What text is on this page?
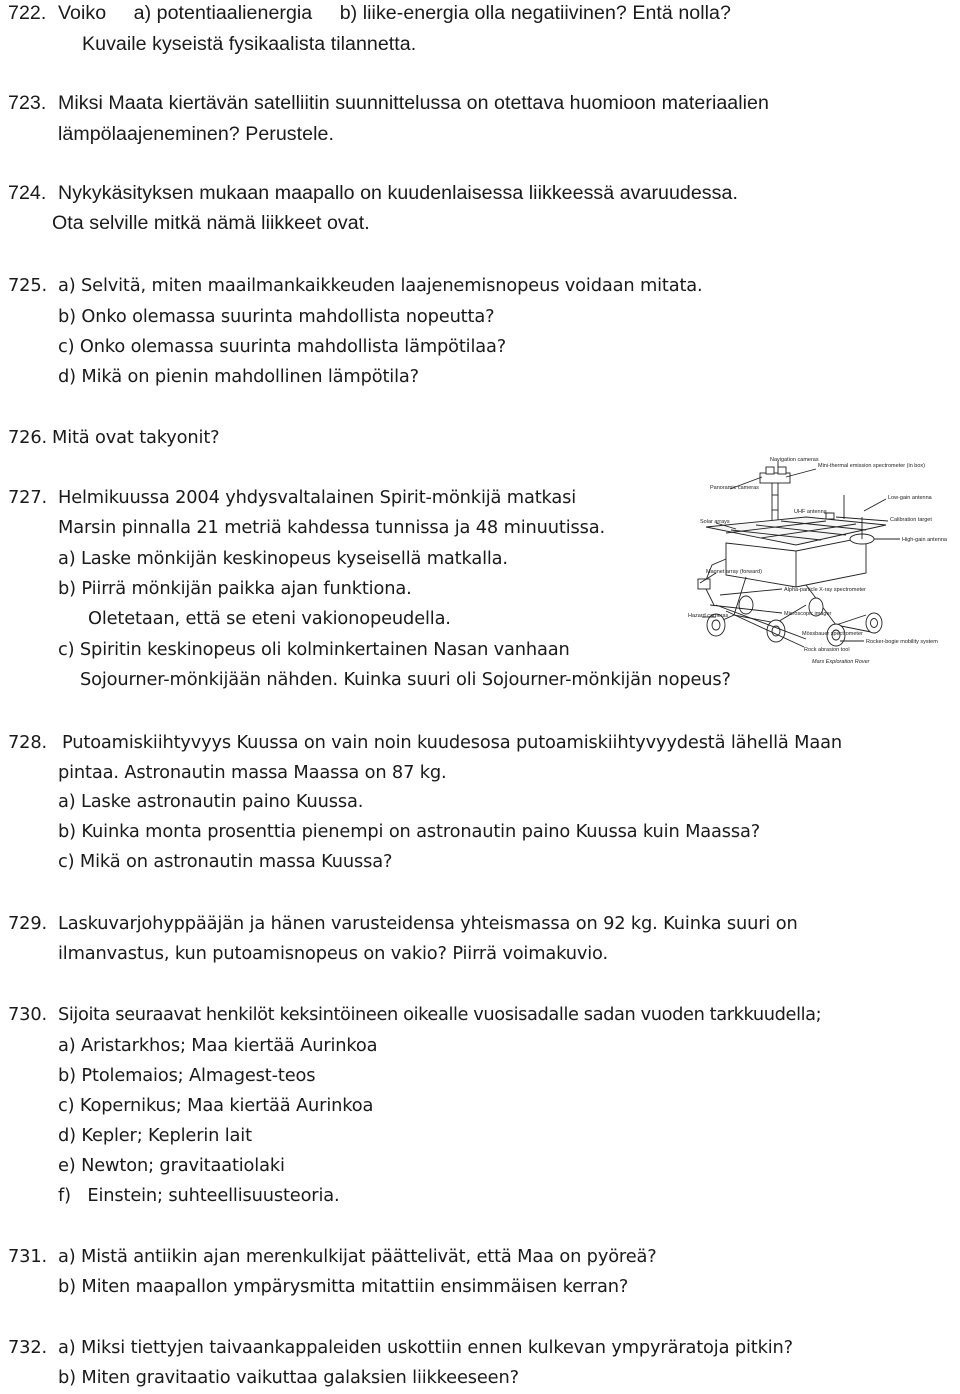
722. Voiko     a) potentiaalienergia     b) liike-energia olla negatiivinen? Entä nolla?
Kuvaile kyseistä fysikaalista tilannetta.
723. Miksi Maata kiertävän satelliitin suunnittelussa on otettava huomioon materiaalien
lämpölaajeneminen? Perustele.
724. Nykykäsityksen mukaan maapallo on kuudenlaisessa liikkeessä avaruudessa.
Ota selville mitkä nämä liikkeet ovat.
725. a) Selvitä, miten maailmankaikkeuden laajenemisnopeus voidaan mitata.
b) Onko olemassa suurinta mahdollista nopeutta?
c) Onko olemassa suurinta mahdollista lämpötilaa?
d) Mikä on pienin mahdollinen lämpötila?
726. Mitä ovat takyonit?
727. Helmikuussa 2004 yhdysvaltalainen Spirit-mönkijä matkasi
Marsin pinnalla 21 metriä kahdessa tunnissa ja 48 minuutissa.
a) Laske mönkijän keskinopeus kyseisellä matkalla.
b) Piirrä mönkijän paikka ajan funktiona.
Oletetaan, että se eteni vakionopeudella.
c) Spiritin keskinopeus oli kolminkertainen Nasan vanhaan
Sojourner-mönkijään nähden. Kuinka suuri oli Sojourner-mönkijän nopeus?
Navigation cameras
Mini-thermal emission spectrometer (in box)
Panoramic cameras
Low-gain antenna
UHF antenna
Calibration target
Solar arrays
High-gain antenna
Magnet array (forward)
Alpha-particle X-ray spectrometer
Hazard cameras	Microscopic imager
Mössbauer spectrometer
Rocker-bogie mobility system
Rock abrasion tool
Mars Exploration Rover
728. Putoamiskiihtyvyys Kuussa on vain noin kuudesosa putoamiskiihtyvyydestä lähellä Maan
pintaa. Astronautin massa Maassa on 87 kg.
a) Laske astronautin paino Kuussa.
b) Kuinka monta prosenttia pienempi on astronautin paino Kuussa kuin Maassa?
c) Mikä on astronautin massa Kuussa?
729. Laskuvarjohyppääjän ja hänen varusteidensa yhteismassa on 92 kg. Kuinka suuri on
ilmanvastus, kun putoamisnopeus on vakio? Piirrä voimakuvio.
730. Sijoita seuraavat henkilöt keksintöineen oikealle vuosisadalle sadan vuoden tarkkuudella;
a) Aristarkhos; Maa kiertää Aurinkoa
b) Ptolemaios; Almagest-teos
c) Kopernikus; Maa kiertää Aurinkoa
d) Kepler; Keplerin lait
e) Newton; gravitaatiolaki
f)   Einstein; suhteellisuusteoria.
731. a) Mistä antiikin ajan merenkulkijat päättelivät, että Maa on pyöreä?
b) Miten maapallon ympärysmitta mitattiin ensimmäisen kerran?
732. a) Miksi tiettyjen taivaankappaleiden uskottiin ennen kulkevan ympyräratoja pitkin?
b) Miten gravitaatio vaikuttaa galaksien liikkeeseen?
